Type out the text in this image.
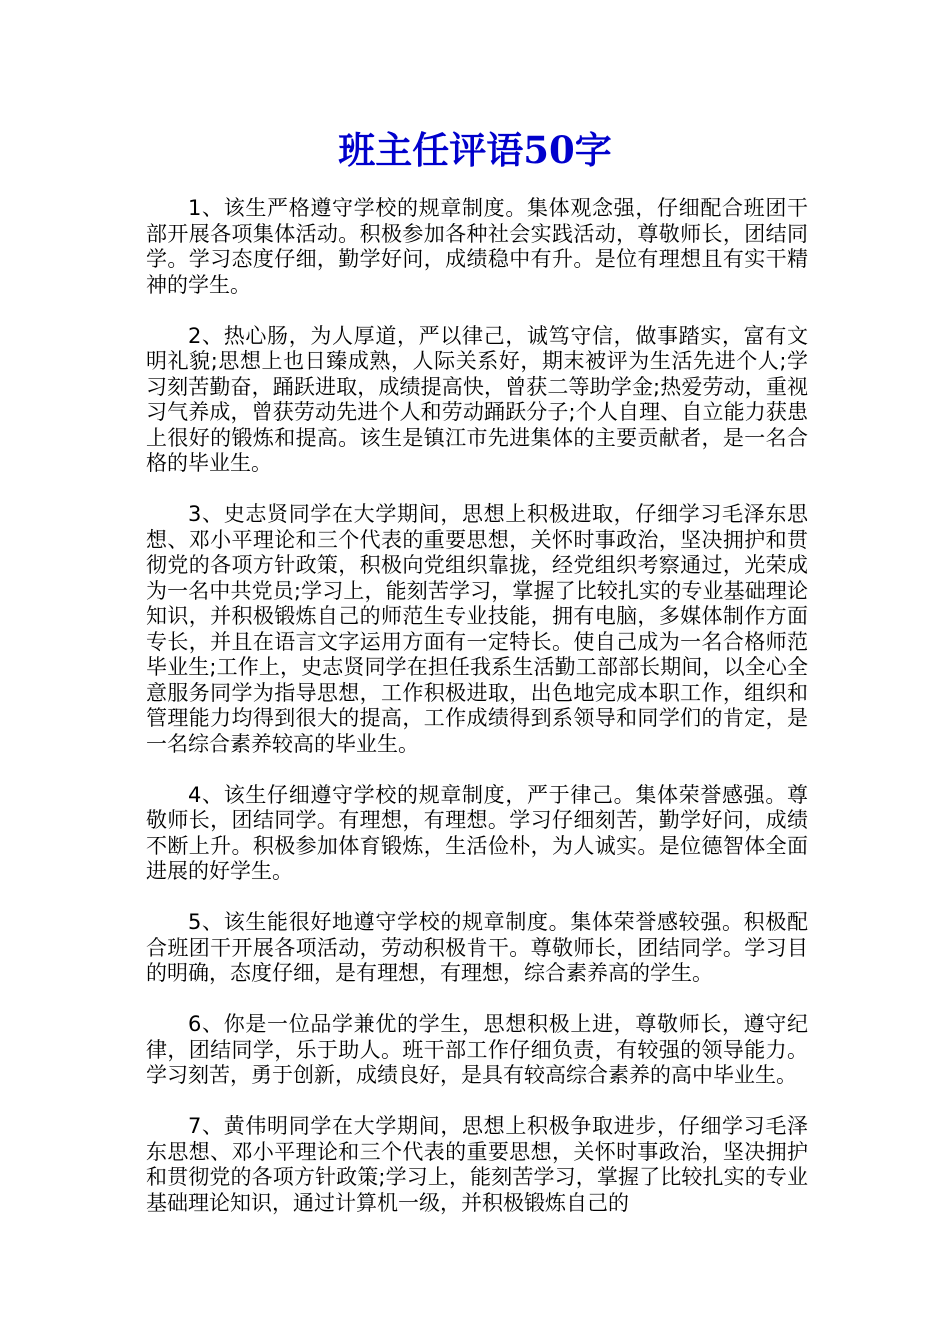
班主任评语50字

1、该生严格遵守学校的规章制度。集体观念强，仔细配合班团干部开展各项集体活动。积极参加各种社会实践活动，尊敬师长，团结同学。学习态度仔细，勤学好问，成绩稳中有升。是位有理想且有实干精神的学生。

2、热心肠，为人厚道，严以律己，诚笃守信，做事踏实，富有文明礼貌;思想上也日臻成熟，人际关系好，期末被评为生活先进个人;学习刻苦勤奋，踊跃进取，成绩提高快，曾获二等助学金;热爱劳动，重视习气养成，曾获劳动先进个人和劳动踊跃分子;个人自理、自立能力获患上很好的锻炼和提高。该生是镇江市先进集体的主要贡献者，是一名合格的毕业生。

3、史志贤同学在大学期间，思想上积极进取，仔细学习毛泽东思想、邓小平理论和三个代表的重要思想，关怀时事政治，坚决拥护和贯彻党的各项方针政策，积极向党组织靠拢，经党组织考察通过，光荣成为一名中共党员;学习上，能刻苦学习，掌握了比较扎实的专业基础理论知识，并积极锻炼自己的师范生专业技能，拥有电脑，多媒体制作方面专长，并且在语言文字运用方面有一定特长。使自己成为一名合格师范毕业生;工作上，史志贤同学在担任我系生活勤工部部长期间，以全心全意服务同学为指导思想，工作积极进取，出色地完成本职工作，组织和管理能力均得到很大的提高，工作成绩得到系领导和同学们的肯定，是一名综合素养较高的毕业生。

4、该生仔细遵守学校的规章制度，严于律己。集体荣誉感强。尊敬师长，团结同学。有理想，有理想。学习仔细刻苦，勤学好问，成绩不断上升。积极参加体育锻炼，生活俭朴，为人诚实。是位德智体全面进展的好学生。

5、该生能很好地遵守学校的规章制度。集体荣誉感较强。积极配合班团干开展各项活动，劳动积极肯干。尊敬师长，团结同学。学习目的明确，态度仔细，是有理想，有理想，综合素养高的学生。

6、你是一位品学兼优的学生，思想积极上进，尊敬师长，遵守纪律，团结同学，乐于助人。班干部工作仔细负责，有较强的领导能力。学习刻苦，勇于创新，成绩良好，是具有较高综合素养的高中毕业生。

7、黄伟明同学在大学期间，思想上积极争取进步，仔细学习毛泽东思想、邓小平理论和三个代表的重要思想，关怀时事政治，坚决拥护和贯彻党的各项方针政策;学习上，能刻苦学习，掌握了比较扎实的专业基础理论知识，通过计算机一级，并积极锻炼自己的
